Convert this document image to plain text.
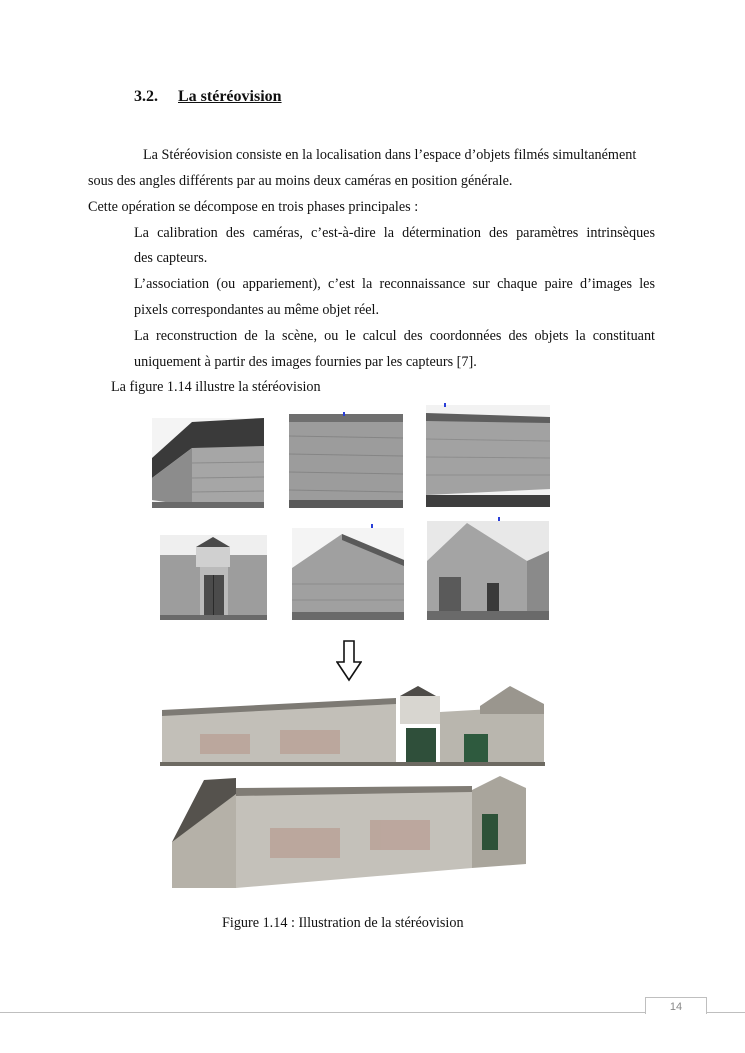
3.2. La stéréovision
La Stéréovision consiste en la localisation dans l’espace d’objets filmés simultanément
sous des angles différents par au moins deux caméras en position générale.
Cette opération se décompose en trois phases principales :
La calibration des caméras, c’est-à-dire la détermination des paramètres intrinsèques
des capteurs.
L’association (ou appariement), c’est la reconnaissance sur chaque paire d’images les
pixels correspondantes au même objet réel.
La reconstruction de la scène, ou le calcul des coordonnées des objets la constituant
uniquement à partir des images fournies par les capteurs [7].
La figure 1.14 illustre la stéréovision
Figure 1.14 : Illustration de la stéréovision
14
